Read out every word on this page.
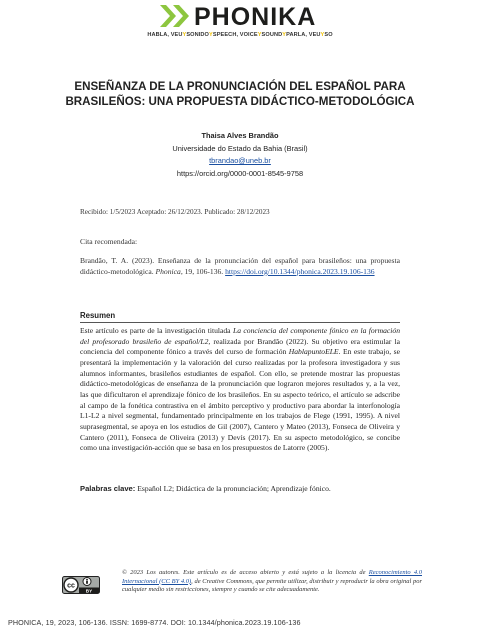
PHONIKA
HABLA, VEUYSONIDOYSPEECH, VOICEYSOUNDYPARLA, VEUYSO
ENSEÑANZA DE LA PRONUNCIACIÓN DEL ESPAÑOL PARA
BRASILEÑOS: UNA PROPUESTA DIDÁCTICO-METODOLÓGICA
Thaisa Alves Brandão
Universidade do Estado da Bahia (Brasil)
tbrandao@uneb.br
https://orcid.org/0000-0001-8545-9758
Recibido: 1/5/2023 Aceptado: 26/12/2023. Publicado: 28/12/2023
Cita recomendada:
Brandão, T. A. (2023). Enseñanza de la pronunciación del español para brasileños: una propuesta didáctico-metodológica. Phonica, 19, 106-136. https://doi.org/10.1344/phonica.2023.19.106-136
Resumen
Este artículo es parte de la investigación titulada La conciencia del componente fónico en la formación del profesorado brasileño de español/L2, realizada por Brandão (2022). Su objetivo era estimular la conciencia del componente fónico a través del curso de formación HablapuntoELE. En este trabajo, se presentará la implementación y la valoración del curso realizadas por la profesora investigadora y sus alumnos informantes, brasileños estudiantes de español. Con ello, se pretende mostrar las propuestas didáctico-metodológicas de enseñanza de la pronunciación que lograron mejores resultados y, a la vez, las que dificultaron el aprendizaje fónico de los brasileños. En su aspecto teórico, el artículo se adscribe al campo de la fonética contrastiva en el ámbito perceptivo y productivo para abordar la interfonología L1-L2 a nivel segmental, fundamentado principalmente en los trabajos de Flege (1991, 1995). A nivel suprasegmental, se apoya en los estudios de Gil (2007), Cantero y Mateo (2013), Fonseca de Oliveira y Cantero (2011), Fonseca de Oliveira (2013) y Devís (2017). En su aspecto metodológico, se concibe como una investigación-acción que se basa en los presupuestos de Latorre (2005).
Palabras clave: Español L2; Didáctica de la pronunciación; Aprendizaje fónico.
cc
BY
© 2023 Los autores. Este artículo es de acceso abierto y está sujeto a la licencia de Reconocimiento 4.0 Internacional (CC BY 4.0), de Creative Commons, que permite utilizar, distribuir y reproducir la obra original por cualquier medio sin restricciones, siempre y cuando se cite adecuadamente.
PHONICA, 19, 2023, 106-136. ISSN: 1699-8774. DOI: 10.1344/phonica.2023.19.106-136
